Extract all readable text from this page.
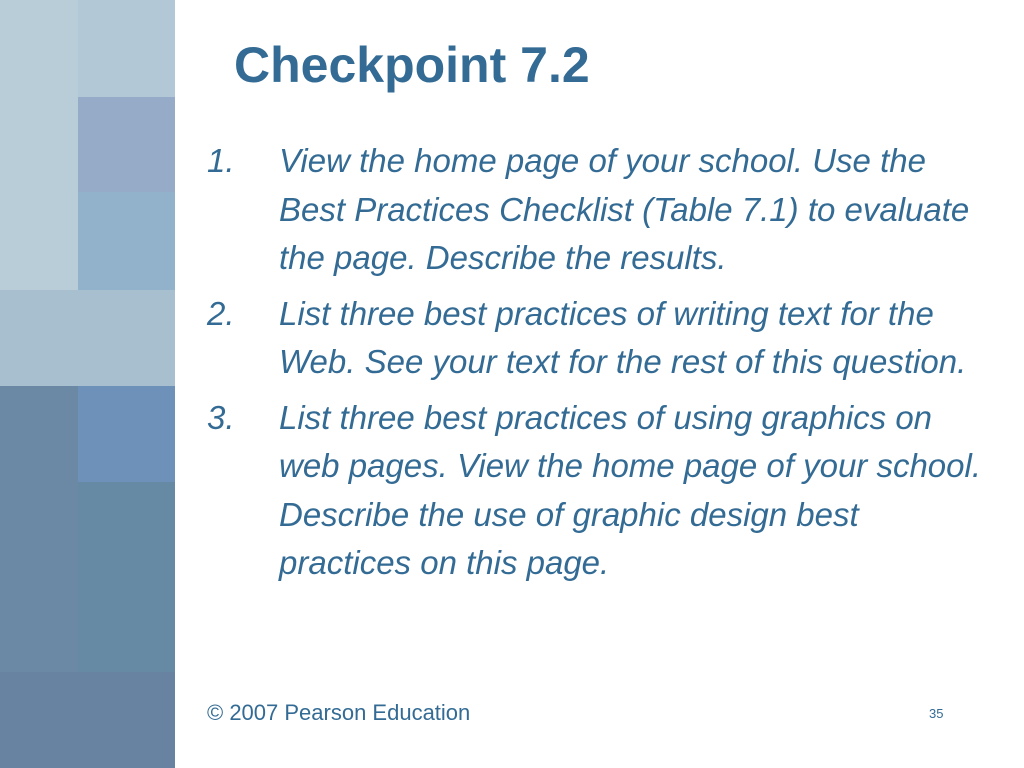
Checkpoint 7.2
1. View the home page of your school. Use the Best Practices Checklist (Table 7.1) to evaluate the page. Describe the results.
2. List three best practices of writing text for the Web. See your text for the rest of this question.
3. List three best practices of using graphics on web pages. View the home page of your school. Describe the use of graphic design best practices on this page.
© 2007 Pearson Education	35
